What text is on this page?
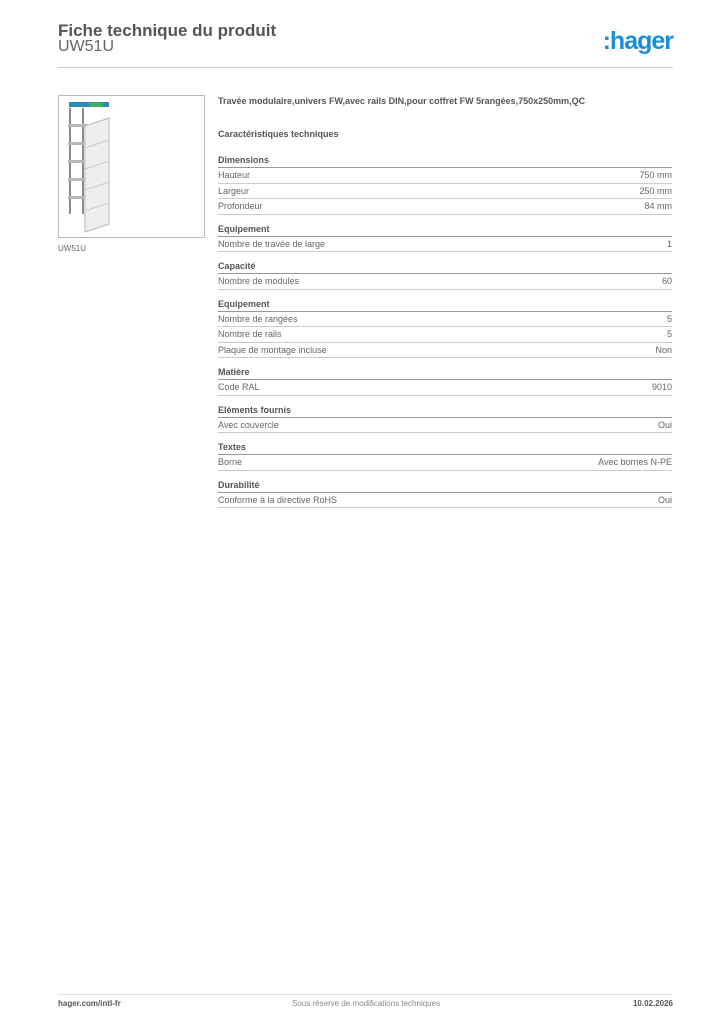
Fiche technique du produit
UW51U	:hager
UW51U
Travée modulaire,univers FW,avec rails DIN,pour coffret FW 5rangées,750x250mm,QC
Caractéristiques techniques
Dimensions
Hauteur	750 mm
Largeur	250 mm
Profondeur	84 mm
Equipement
Nombre de travée de large	1
Capacité
Nombre de modules	60
Equipement
Nombre de rangées	5
Nombre de rails	5
Plaque de montage incluse	Non
Matière
Code RAL	9010
Eléments fournis
Avec couvercle	Oui
Textes
Borne	Avec bornes N-PE
Durabilité
Conforme à la directive RoHS	Oui
hager.com/intl-fr	Sous réserve de modifications techniques	10.02.2026
